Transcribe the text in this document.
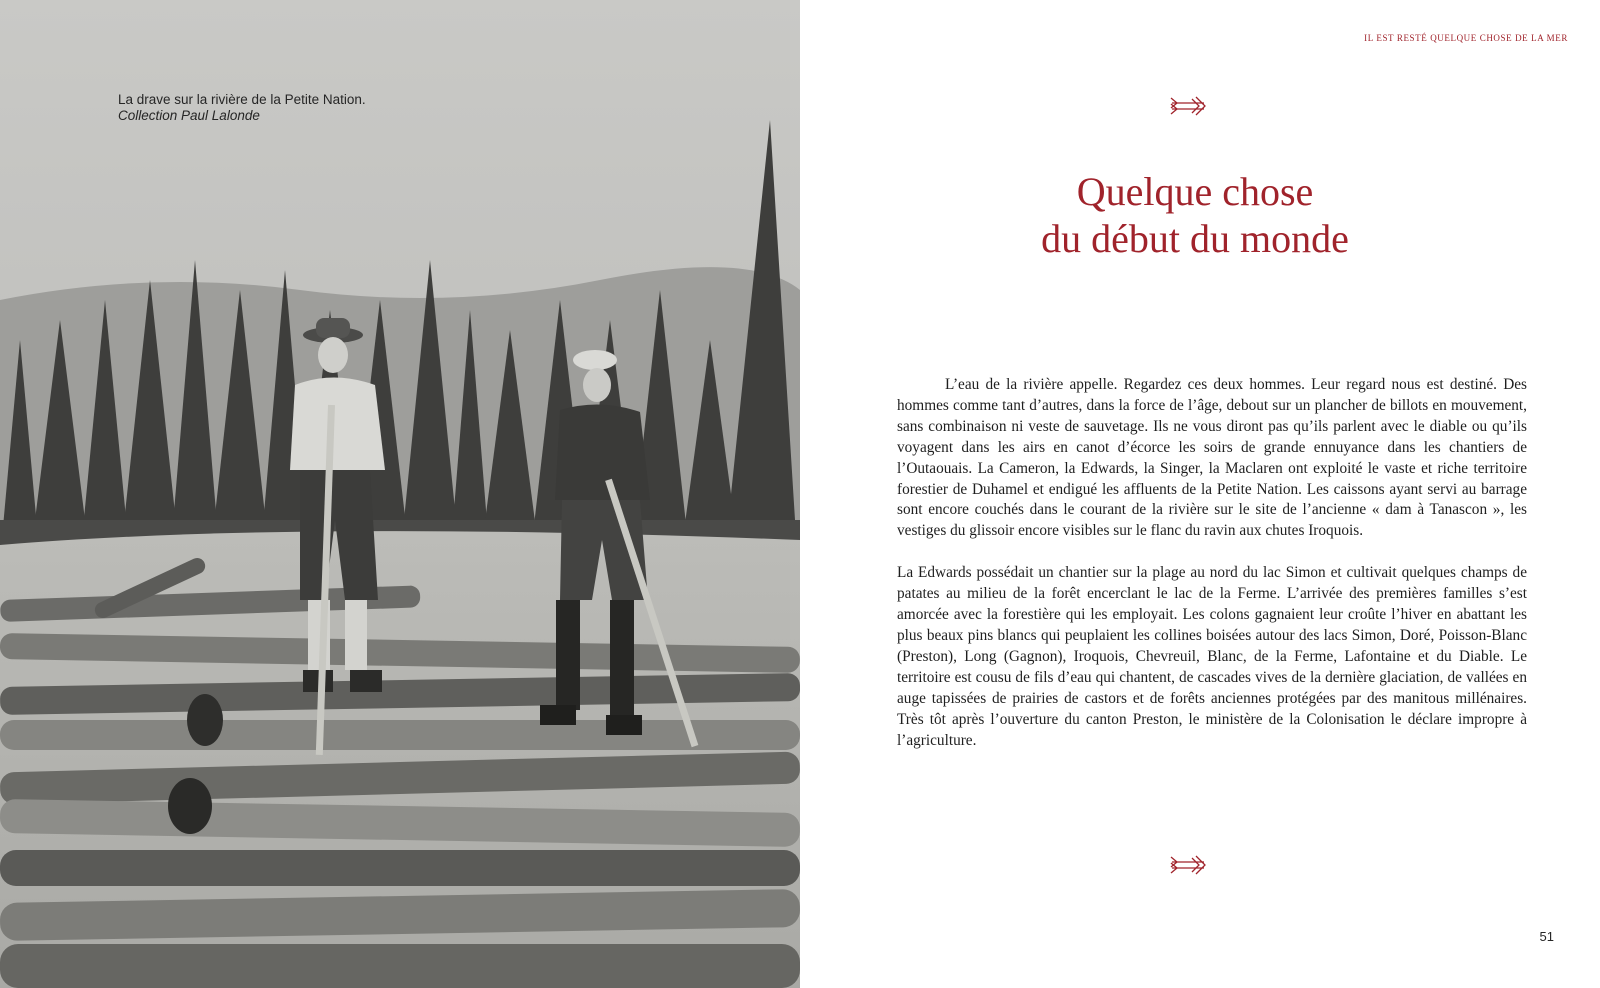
La drave sur la rivière de la Petite Nation.
Collection Paul Lalonde
IL EST RESTÉ QUELQUE CHOSE DE LA MER
Quelque chose
du début du monde

L’eau de la rivière appelle. Regardez ces deux hommes. Leur regard nous est destiné. Des hommes comme tant d’autres, dans la force de l’âge, debout sur un plancher de billots en mouvement, sans combinaison ni veste de sauvetage. Ils ne vous diront pas qu’ils parlent avec le diable ou qu’ils voyagent dans les airs en canot d’écorce les soirs de grande ennuyance dans les chantiers de l’Outaouais. La Cameron, la Edwards, la Singer, la Maclaren ont exploité le vaste et riche territoire forestier de Duhamel et endigué les affluents de la Petite Nation. Les caissons ayant servi au barrage sont encore couchés dans le courant de la rivière sur le site de l’ancienne « dam à Tanascon », les vestiges du glissoir encore visibles sur le flanc du ravin aux chutes Iroquois.

La Edwards possédait un chantier sur la plage au nord du lac Simon et cultivait quelques champs de patates au milieu de la forêt encerclant le lac de la Ferme. L’arrivée des premières familles s’est amorcée avec la forestière qui les employait. Les colons gagnaient leur croûte l’hiver en abattant les plus beaux pins blancs qui peuplaient les collines boisées autour des lacs Simon, Doré, Poisson-Blanc (Preston), Long (Gagnon), Iroquois, Chevreuil, Blanc, de la Ferme, Lafontaine et du Diable. Le territoire est cousu de fils d’eau qui chantent, de cascades vives de la dernière glaciation, de vallées en auge tapissées de prairies de castors et de forêts anciennes protégées par des manitous millénaires. Très tôt après l’ouverture du canton Preston, le ministère de la Colonisation le déclare impropre à l’agriculture.

51
